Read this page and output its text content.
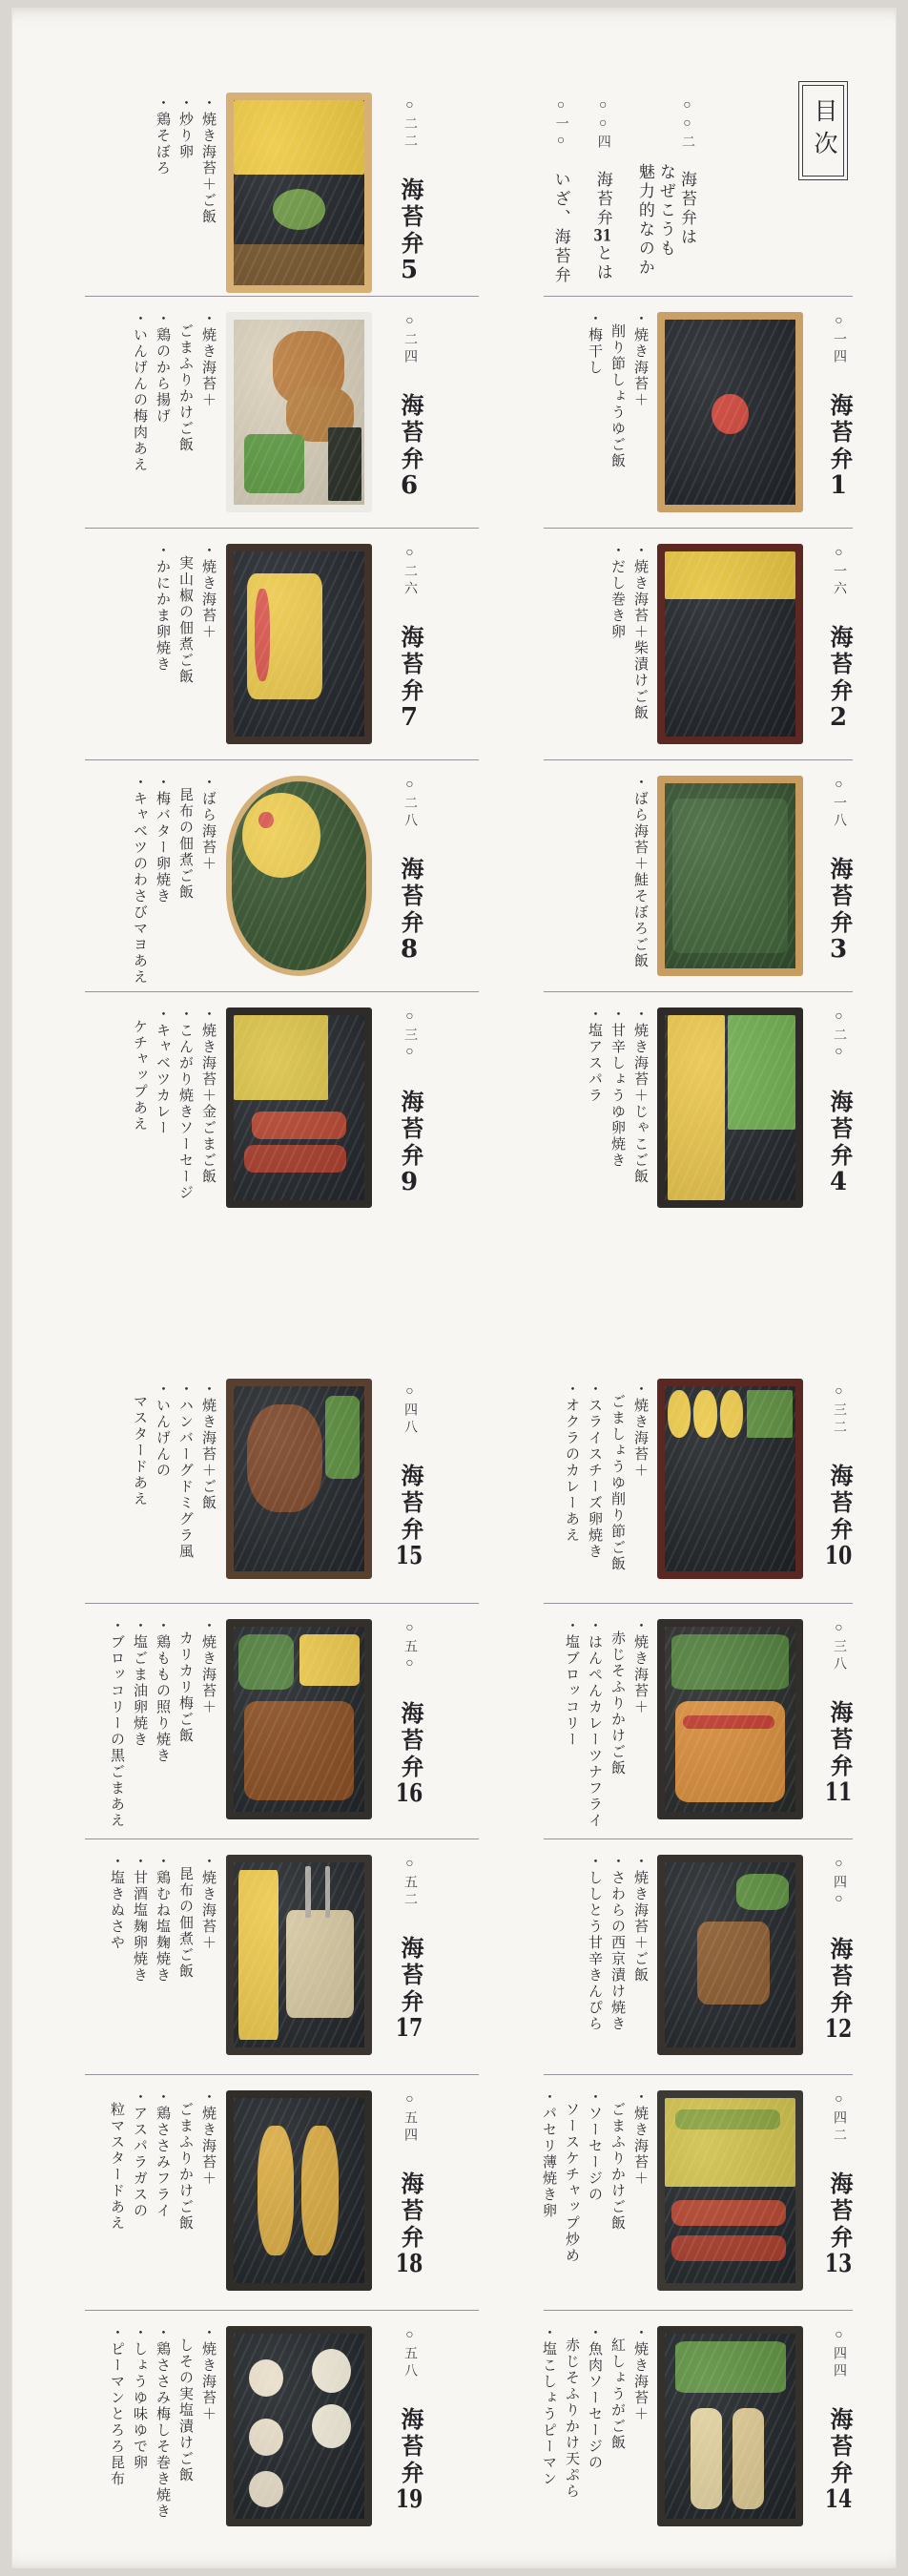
目次
○○二　海苔弁は
なぜこうも
魅力的なのか
○○四　海苔弁31とは
○一○　いざ、海苔弁
・焼き海苔＋
削り節しょうゆご飯
・梅干し	○一四　海苔弁1
・焼き海苔＋柴漬けご飯
・だし巻き卵	○一六　海苔弁2
・ばら海苔＋鮭そぼろご飯	○一八　海苔弁3
・焼き海苔＋じゃこご飯
・甘辛しょうゆ卵焼き
・塩アスパラ	○二○　海苔弁4
・焼き海苔＋ご飯
・炒り卵
・鶏そぼろ	○二二　海苔弁5
・焼き海苔＋
ごまふりかけご飯
・鶏のから揚げ
・いんげんの梅肉あえ	○二四　海苔弁6
・焼き海苔＋
実山椒の佃煮ご飯
・かにかま卵焼き	○二六　海苔弁7
・ばら海苔＋
昆布の佃煮ご飯
・梅バター卵焼き
・キャベツのわさびマヨあえ	○二八　海苔弁8
・焼き海苔＋金ごまご飯
・こんがり焼きソーセージ
・キャベツカレー
ケチャップあえ	○三○　海苔弁9
・焼き海苔＋
ごましょうゆ削り節ご飯
・スライスチーズ卵焼き
・オクラのカレーあえ	○三二　海苔弁10
・焼き海苔＋
赤じそふりかけご飯
・はんぺんカレーツナフライ
・塩ブロッコリー	○三八　海苔弁11
・焼き海苔＋ご飯
・さわらの西京漬け焼き
・ししとう甘辛きんぴら	○四○　海苔弁12
・焼き海苔＋
ごまふりかけご飯
・ソーセージの
ソースケチャップ炒め
・パセリ薄焼き卵	○四二　海苔弁13
・焼き海苔＋
紅しょうがご飯
・魚肉ソーセージの
赤じそふりかけ天ぷら
・塩こしょうピーマン	○四四　海苔弁14
・焼き海苔＋ご飯
・ハンバーグドミグラ風
・いんげんの
マスタードあえ	○四八　海苔弁15
・焼き海苔＋
カリカリ梅ご飯
・鶏ももの照り焼き
・塩ごま油卵焼き
・ブロッコリーの黒ごまあえ	○五○　海苔弁16
・焼き海苔＋
昆布の佃煮ご飯
・鶏むね塩麹焼き
・甘酒塩麹卵焼き
・塩きぬさや	○五二　海苔弁17
・焼き海苔＋
ごまふりかけご飯
・鶏ささみフライ
・アスパラガスの
粒マスタードあえ	○五四　海苔弁18
・焼き海苔＋
しその実塩漬けご飯
・鶏ささみ梅しそ巻き焼き
・しょうゆ味ゆで卵
・ピーマンとろろ昆布	○五八　海苔弁19
